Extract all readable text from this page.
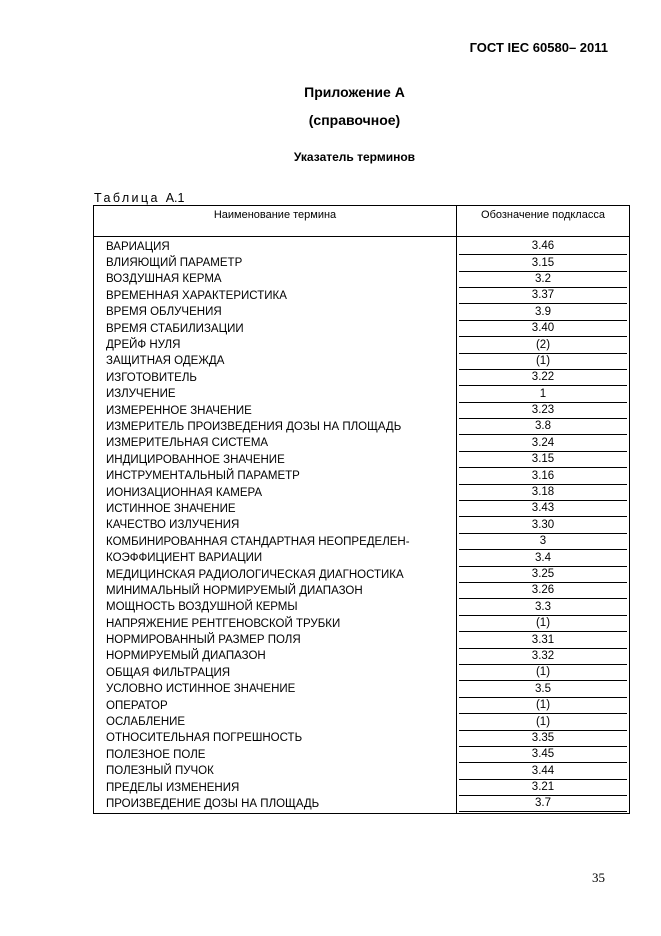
ГОСТ IEC 60580– 2011
Приложение А
(справочное)
Указатель терминов
Таблица А.1
Наименование термина	Обозначение подкласса
ВАРИАЦИЯ	3.46

ВЛИЯЮЩИЙ ПАРАМЕТР	3.15

ВОЗДУШНАЯ КЕРМА	3.2

ВРЕМЕННАЯ ХАРАКТЕРИСТИКА	3.37

ВРЕМЯ ОБЛУЧЕНИЯ	3.9

ВРЕМЯ СТАБИЛИЗАЦИИ	3.40

ДРЕЙФ НУЛЯ	(2)

ЗАЩИТНАЯ ОДЕЖДА	(1)

ИЗГОТОВИТЕЛЬ	3.22

ИЗЛУЧЕНИЕ	1

ИЗМЕРЕННОЕ ЗНАЧЕНИЕ	3.23

ИЗМЕРИТЕЛЬ ПРОИЗВЕДЕНИЯ ДОЗЫ НА ПЛОЩАДЬ	3.8

ИЗМЕРИТЕЛЬНАЯ СИСТЕМА	3.24

ИНДИЦИРОВАННОЕ ЗНАЧЕНИЕ	3.15

ИНСТРУМЕНТАЛЬНЫЙ ПАРАМЕТР	3.16

ИОНИЗАЦИОННАЯ КАМЕРА	3.18

ИСТИННОЕ ЗНАЧЕНИЕ	3.43

КАЧЕСТВО ИЗЛУЧЕНИЯ	3.30

КОМБИНИРОВАННАЯ СТАНДАРТНАЯ НЕОПРЕДЕЛЕН-	3

КОЭФФИЦИЕНТ ВАРИАЦИИ	3.4

МЕДИЦИНСКАЯ РАДИОЛОГИЧЕСКАЯ ДИАГНОСТИКА	3.25

МИНИМАЛЬНЫЙ НОРМИРУЕМЫЙ ДИАПАЗОН	3.26

МОЩНОСТЬ ВОЗДУШНОЙ КЕРМЫ	3.3

НАПРЯЖЕНИЕ РЕНТГЕНОВСКОЙ ТРУБКИ	(1)

НОРМИРОВАННЫЙ РАЗМЕР ПОЛЯ	3.31

НОРМИРУЕМЫЙ ДИАПАЗОН	3.32

ОБЩАЯ ФИЛЬТРАЦИЯ	(1)

УСЛОВНО ИСТИННОЕ ЗНАЧЕНИЕ	3.5

ОПЕРАТОР	(1)

ОСЛАБЛЕНИЕ	(1)

ОТНОСИТЕЛЬНАЯ ПОГРЕШНОСТЬ	3.35

ПОЛЕЗНОЕ ПОЛЕ	3.45

ПОЛЕЗНЫЙ ПУЧОК	3.44

ПРЕДЕЛЫ ИЗМЕНЕНИЯ	3.21

ПРОИЗВЕДЕНИЕ ДОЗЫ НА ПЛОЩАДЬ	3.7
35
